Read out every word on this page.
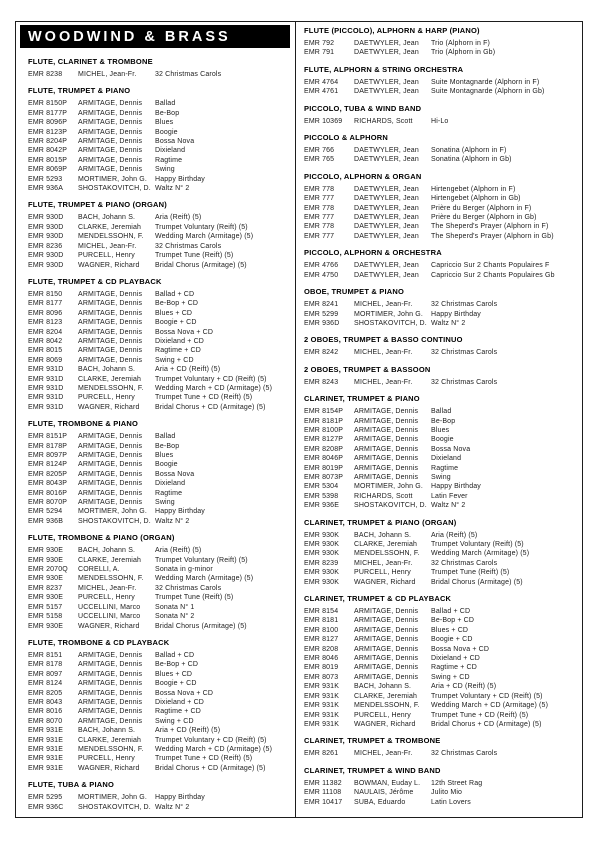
WOODWIND & BRASS
FLUTE, CLARINET & TROMBONE
EMR 8238	MICHEL, Jean-Fr.	32 Christmas Carols
FLUTE, TRUMPET & PIANO
EMR 8150P	ARMITAGE, Dennis	Ballad
EMR 8177P	ARMITAGE, Dennis	Be-Bop
EMR 8096P	ARMITAGE, Dennis	Blues
EMR 8123P	ARMITAGE, Dennis	Boogie
EMR 8204P	ARMITAGE, Dennis	Bossa Nova
EMR 8042P	ARMITAGE, Dennis	Dixieland
EMR 8015P	ARMITAGE, Dennis	Ragtime
EMR 8069P	ARMITAGE, Dennis	Swing
EMR 5293	MORTIMER, John G.	Happy Birthday
EMR 936A	SHOSTAKOVITCH, D. Waltz N° 2
FLUTE, TRUMPET & PIANO (ORGAN)
EMR 930D	BACH, Johann S.	Aria (Reift) (5)
EMR 930D	CLARKE, Jeremiah	Trumpet Voluntary (Reift) (5)
EMR 930D	MENDELSSOHN, F.	Wedding March (Armitage) (5)
EMR 8236	MICHEL, Jean-Fr.	32 Christmas Carols
EMR 930D	PURCELL, Henry	Trumpet Tune (Reift) (5)
EMR 930D	WAGNER, Richard	Bridal Chorus (Armitage) (5)
FLUTE, TRUMPET & CD PLAYBACK
EMR 8150	ARMITAGE, Dennis	Ballad + CD
EMR 8177	ARMITAGE, Dennis	Be-Bop + CD
EMR 8096	ARMITAGE, Dennis	Blues + CD
EMR 8123	ARMITAGE, Dennis	Boogie + CD
EMR 8204	ARMITAGE, Dennis	Bossa Nova + CD
EMR 8042	ARMITAGE, Dennis	Dixieland + CD
EMR 8015	ARMITAGE, Dennis	Ragtime + CD
EMR 8069	ARMITAGE, Dennis	Swing + CD
EMR 931D	BACH, Johann S.	Aria + CD (Reift) (5)
EMR 931D	CLARKE, Jeremiah	Trumpet Voluntary + CD (Reift) (5)
EMR 931D	MENDELSSOHN, F.	Wedding March + CD (Armitage) (5)
EMR 931D	PURCELL, Henry	Trumpet Tune + CD (Reift) (5)
EMR 931D	WAGNER, Richard	Bridal Chorus + CD (Armitage) (5)
FLUTE, TROMBONE & PIANO
EMR 8151P	ARMITAGE, Dennis	Ballad
EMR 8178P	ARMITAGE, Dennis	Be-Bop
EMR 8097P	ARMITAGE, Dennis	Blues
EMR 8124P	ARMITAGE, Dennis	Boogie
EMR 8205P	ARMITAGE, Dennis	Bossa Nova
EMR 8043P	ARMITAGE, Dennis	Dixieland
EMR 8016P	ARMITAGE, Dennis	Ragtime
EMR 8070P	ARMITAGE, Dennis	Swing
EMR 5294	MORTIMER, John G.	Happy Birthday
EMR 936B	SHOSTAKOVITCH, D. Waltz N° 2
FLUTE, TROMBONE & PIANO (ORGAN)
EMR 930E	BACH, Johann S.	Aria (Reift) (5)
EMR 930E	CLARKE, Jeremiah	Trumpet Voluntary (Reift) (5)
EMR 2070Q	CORELLI, A.	Sonata in g-minor
EMR 930E	MENDELSSOHN, F.	Wedding March (Armitage) (5)
EMR 8237	MICHEL, Jean-Fr.	32 Christmas Carols
EMR 930E	PURCELL, Henry	Trumpet Tune (Reift) (5)
EMR 5157	UCCELLINI, Marco	Sonata N° 1
EMR 5158	UCCELLINI, Marco	Sonata N° 2
EMR 930E	WAGNER, Richard	Bridal Chorus (Armitage) (5)
FLUTE, TROMBONE & CD PLAYBACK
EMR 8151	ARMITAGE, Dennis	Ballad + CD
EMR 8178	ARMITAGE, Dennis	Be-Bop + CD
EMR 8097	ARMITAGE, Dennis	Blues + CD
EMR 8124	ARMITAGE, Dennis	Boogie + CD
EMR 8205	ARMITAGE, Dennis	Bossa Nova + CD
EMR 8043	ARMITAGE, Dennis	Dixieland + CD
EMR 8016	ARMITAGE, Dennis	Ragtime + CD
EMR 8070	ARMITAGE, Dennis	Swing + CD
EMR 931E	BACH, Johann S.	Aria + CD (Reift) (5)
EMR 931E	CLARKE, Jeremiah	Trumpet Voluntary + CD (Reift) (5)
EMR 931E	MENDELSSOHN, F.	Wedding March + CD (Armitage) (5)
EMR 931E	PURCELL, Henry	Trumpet Tune + CD (Reift) (5)
EMR 931E	WAGNER, Richard	Bridal Chorus + CD (Armitage) (5)
FLUTE, TUBA & PIANO
EMR 5295	MORTIMER, John G.	Happy Birthday
EMR 936C	SHOSTAKOVITCH, D. Waltz N° 2
FLUTE (PICCOLO), ALPHORN & HARP (PIANO)
EMR 792	DAETWYLER, Jean	Trio (Alphorn in F)
EMR 791	DAETWYLER, Jean	Trio (Alphorn in Gb)
FLUTE, ALPHORN & STRING ORCHESTRA
EMR 4764	DAETWYLER, Jean	Suite Montagnarde (Alphorn in F)
EMR 4761	DAETWYLER, Jean	Suite Montagnarde (Alphorn in Gb)
PICCOLO, TUBA & WIND BAND
EMR 10369	RICHARDS, Scott	Hi-Lo
PICCOLO & ALPHORN
EMR 766	DAETWYLER, Jean	Sonatina (Alphorn in F)
EMR 765	DAETWYLER, Jean	Sonatina (Alphorn in Gb)
PICCOLO, ALPHORN & ORGAN
EMR 778	DAETWYLER, Jean	Hirtengebet (Alphorn in F)
EMR 777	DAETWYLER, Jean	Hirtengebet (Alphorn in Gb)
EMR 778	DAETWYLER, Jean	Prière du Berger (Alphorn in F)
EMR 777	DAETWYLER, Jean	Prière du Berger (Alphorn in Gb)
EMR 778	DAETWYLER, Jean	The Sheperd's Prayer (Alphorn in F)
EMR 777	DAETWYLER, Jean	The Sheperd's Prayer (Alphorn in Gb)
PICCOLO, ALPHORN & ORCHESTRA
EMR 4766	DAETWYLER, Jean	Capriccio Sur 2 Chants Populaires F
EMR 4750	DAETWYLER, Jean	Capriccio Sur 2 Chants Populaires Gb
OBOE, TRUMPET & PIANO
EMR 8241	MICHEL, Jean-Fr.	32 Christmas Carols
EMR 5299	MORTIMER, John G.	Happy Birthday
EMR 936D	SHOSTAKOVITCH, D. Waltz N° 2
2 OBOES, TRUMPET & BASSO CONTINUO
EMR 8242	MICHEL, Jean-Fr.	32 Christmas Carols
2 OBOES, TRUMPET & BASSOON
EMR 8243	MICHEL, Jean-Fr.	32 Christmas Carols
CLARINET, TRUMPET & PIANO
EMR 8154P	ARMITAGE, Dennis	Ballad
EMR 8181P	ARMITAGE, Dennis	Be-Bop
EMR 8100P	ARMITAGE, Dennis	Blues
EMR 8127P	ARMITAGE, Dennis	Boogie
EMR 8208P	ARMITAGE, Dennis	Bossa Nova
EMR 8046P	ARMITAGE, Dennis	Dixieland
EMR 8019P	ARMITAGE, Dennis	Ragtime
EMR 8073P	ARMITAGE, Dennis	Swing
EMR 5304	MORTIMER, John G.	Happy Birthday
EMR 5398	RICHARDS, Scott	Latin Fever
EMR 936E	SHOSTAKOVITCH, D. Waltz N° 2
CLARINET, TRUMPET & PIANO (ORGAN)
EMR 930K	BACH, Johann S.	Aria (Reift) (5)
EMR 930K	CLARKE, Jeremiah	Trumpet Voluntary (Reift) (5)
EMR 930K	MENDELSSOHN, F.	Wedding March (Armitage) (5)
EMR 8239	MICHEL, Jean-Fr.	32 Christmas Carols
EMR 930K	PURCELL, Henry	Trumpet Tune (Reift) (5)
EMR 930K	WAGNER, Richard	Bridal Chorus (Armitage) (5)
CLARINET, TRUMPET & CD PLAYBACK
EMR 8154	ARMITAGE, Dennis	Ballad + CD
EMR 8181	ARMITAGE, Dennis	Be-Bop + CD
EMR 8100	ARMITAGE, Dennis	Blues + CD
EMR 8127	ARMITAGE, Dennis	Boogie + CD
EMR 8208	ARMITAGE, Dennis	Bossa Nova + CD
EMR 8046	ARMITAGE, Dennis	Dixieland + CD
EMR 8019	ARMITAGE, Dennis	Ragtime + CD
EMR 8073	ARMITAGE, Dennis	Swing + CD
EMR 931K	BACH, Johann S.	Aria + CD (Reift) (5)
EMR 931K	CLARKE, Jeremiah	Trumpet Voluntary + CD (Reift) (5)
EMR 931K	MENDELSSOHN, F.	Wedding March + CD (Armitage) (5)
EMR 931K	PURCELL, Henry	Trumpet Tune + CD (Reift) (5)
EMR 931K	WAGNER, Richard	Bridal Chorus + CD (Armitage) (5)
CLARINET, TRUMPET & TROMBONE
EMR 8261	MICHEL, Jean-Fr.	32 Christmas Carols
CLARINET, TRUMPET & WIND BAND
EMR 11382	BOWMAN, Euday L.	12th Street Rag
EMR 11108	NAULAIS, Jérôme	Julito Mio
EMR 10417	SUBA, Eduardo	Latin Lovers
